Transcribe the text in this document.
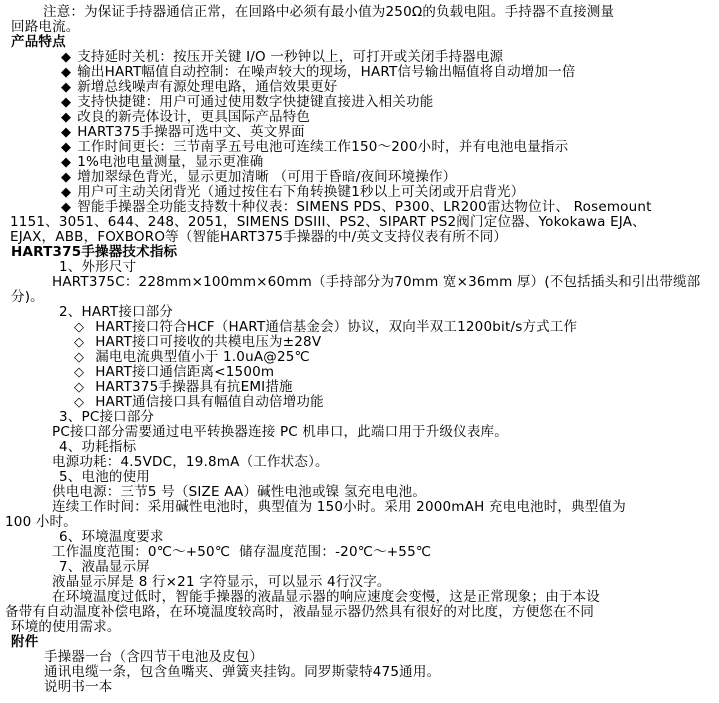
注意：为保证手持器通信正常，在回路中必须有最小值为250Ω的负载电阻。手持器不直接测量
回路电流。
产品特点
◆ 支持延时关机：按压开关键 I/O 一秒钟以上，可打开或关闭手持器电源
◆ 输出HART幅值自动控制：在噪声较大的现场，HART信号输出幅值将自动增加一倍
◆ 新增总线噪声有源处理电路，通信效果更好
◆ 支持快捷键：用户可通过使用数字快捷键直接进入相关功能
◆ 改良的新壳体设计，更具国际产品特色
◆ HART375手操器可选中文、英文界面
◆ 工作时间更长：三节南孚五号电池可连续工作150～200小时，并有电池电量指示
◆ 1%电池电量测量，显示更准确
◆ 增加翠绿色背光，显示更加清晰 （可用于昏暗/夜间环境操作）
◆ 用户可主动关闭背光（通过按住右下角转换键1秒以上可关闭或开启背光）
◆ 智能手操器全功能支持数十种仪表：SIMENS PDS、P300、LR200雷达物位计、 Rosemount
1151、3051、644、248、2051，SIMENS DSIII、PS2、SIPART PS2阀门定位器、Yokokawa EJA、
EJAX，ABB，FOXBORO等（智能HART375手操器的中/英文支持仪表有所不同）
HART375手操器技术指标
1、外形尺寸
HART375C：228mm×100mm×60mm（手持部分为70mm 宽×36mm 厚）(不包括插头和引出带缆部
分)。
2、HART接口部分
◇ HART接口符合HCF（HART通信基金会）协议，双向半双工1200bit/s方式工作
◇ HART接口可接收的共模电压为±28V
◇ 漏电电流典型值小于 1.0uA@25℃
◇ HART接口通信距离<1500m
◇ HART375手操器具有抗EMI措施
◇ HART通信接口具有幅值自动倍增功能
3、PC接口部分
PC接口部分需要通过电平转换器连接 PC 机串口，此端口用于升级仪表库。
4、功耗指标
电源功耗：4.5VDC，19.8mA（工作状态）。
5、电池的使用
供电电源：三节5 号（SIZE AA）碱性电池或镍 氢充电电池。
连续工作时间：采用碱性电池时，典型值为 150小时。采用 2000mAH 充电电池时，典型值为
100 小时。
6、环境温度要求
工作温度范围：0℃～+50℃  储存温度范围：-20℃～+55℃
7、液晶显示屏
液晶显示屏是 8 行×21 字符显示，可以显示 4行汉字。
在环境温度过低时，智能手操器的液晶显示器的响应速度会变慢，这是正常现象；由于本设
备带有自动温度补偿电路，在环境温度较高时，液晶显示器仍然具有很好的对比度，方便您在不同
环境的使用需求。
附件
手操器一台（含四节干电池及皮包）
通讯电缆一条，包含鱼嘴夹、弹簧夹挂钩。同罗斯蒙特475通用。
说明书一本
